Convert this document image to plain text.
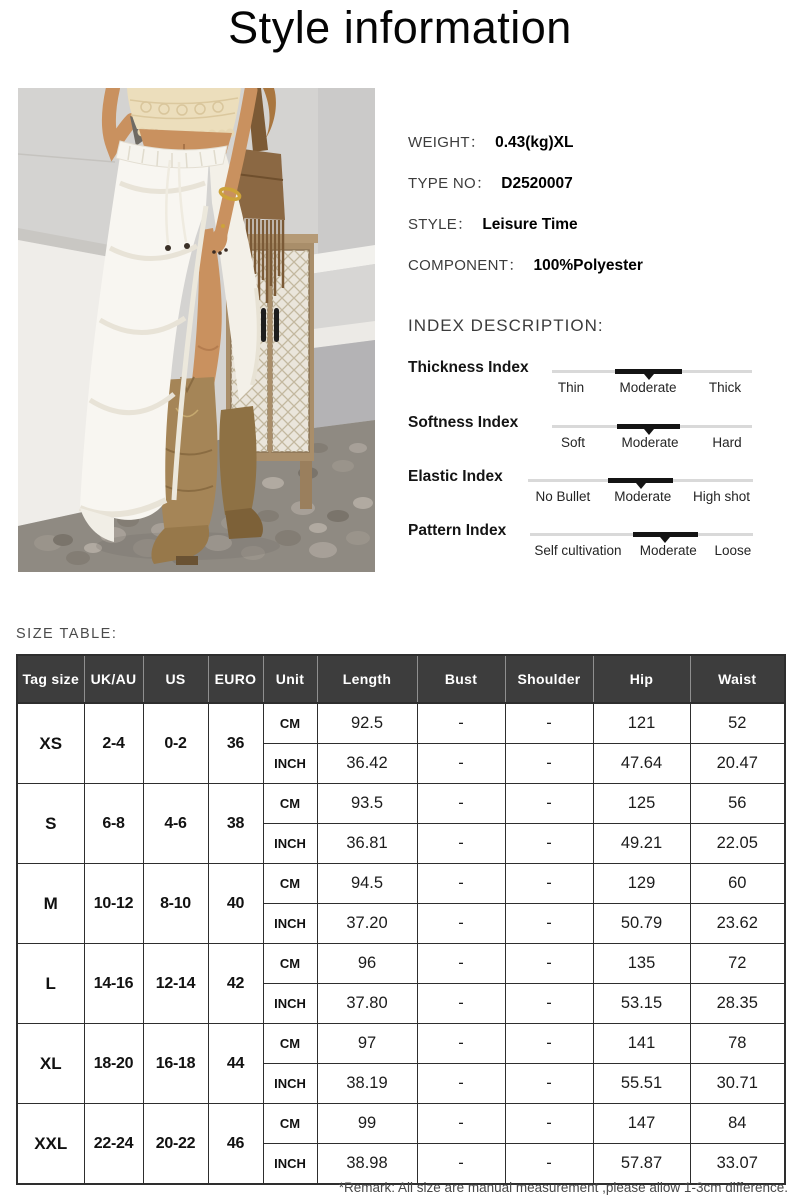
Style information
WEIGHT： 0.43(kg)XL
TYPE NO： D2520007
STYLE： Leisure Time
COMPONENT： 100%Polyester
INDEX DESCRIPTION:
Thickness Index
Thin	Moderate Thick
Softness Index
Soft	Moderate	Hard
Elastic Index
No Bullet Moderate High shot
Pattern Index
Self cultivation Moderate Loose
SIZE TABLE:
Tag size	UK/AU	US	EURO	Unit	Length	Bust	Shoulder	Hip	Waist
XS	2-4	0-2	36	CM	92.5	-	-	121	52
				INCH	36.42	-	-	47.64	20.47
S	6-8	4-6	38	CM	93.5	-	-	125	56
				INCH	36.81	-	-	49.21	22.05
M	10-12	8-10	40	CM	94.5	-	-	129	60
				INCH	37.20	-	-	50.79	23.62
L	14-16	12-14	42	CM	96	-	-	135	72
				INCH	37.80	-	-	53.15	28.35
XL	18-20	16-18	44	CM	97	-	-	141	78
				INCH	38.19	-	-	55.51	30.71
XXL	22-24	20-22	46	CM	99	-	-	147	84
				INCH	38.98	-	-	57.87	33.07
*Remark: All size are manual measurement ,please allow 1-3cm difference.
